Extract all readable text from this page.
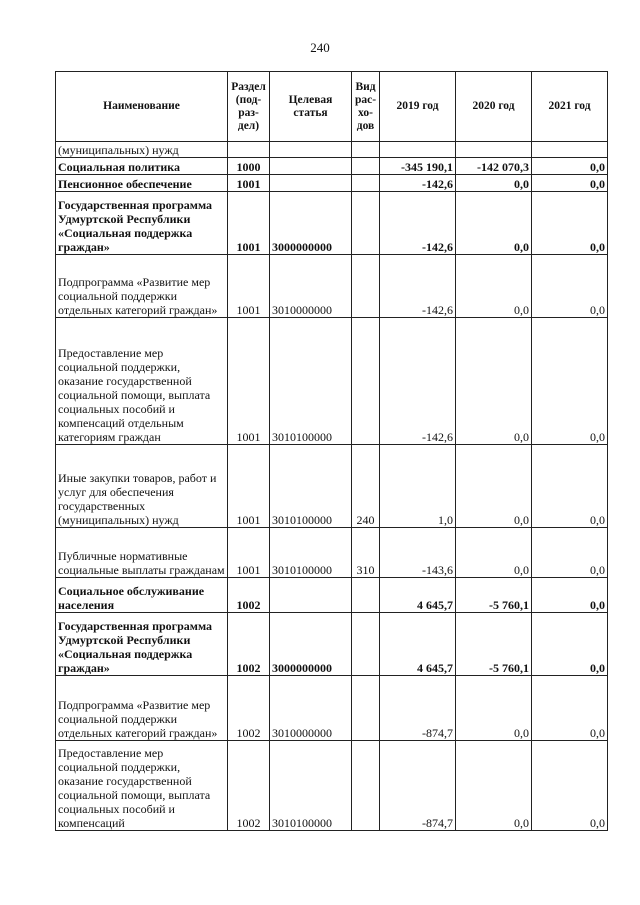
240
Наименование	Раздел (под-раз-дел)	Целевая статья	Вид рас-хо-дов	2019 год	2020 год	2021 год
(муниципальных) нужд						
Социальная политика	1000			-345 190,1	-142 070,3	0,0
Пенсионное обеспечение	1001			-142,6	0,0	0,0
Государственная программа Удмуртской Республики «Социальная поддержка граждан»	1001	3000000000		-142,6	0,0	0,0
Подпрограмма «Развитие мер социальной поддержки отдельных категорий граждан»	1001	3010000000		-142,6	0,0	0,0
Предоставление мер социальной поддержки, оказание государственной социальной помощи, выплата социальных пособий и компенсаций отдельным категориям граждан	1001	3010100000		-142,6	0,0	0,0
Иные закупки товаров, работ и услуг для обеспечения государственных (муниципальных) нужд	1001	3010100000	240	1,0	0,0	0,0
Публичные нормативные социальные выплаты гражданам	1001	3010100000	310	-143,6	0,0	0,0
Социальное обслуживание населения	1002			4 645,7	-5 760,1	0,0
Государственная программа Удмуртской Республики «Социальная поддержка граждан»	1002	3000000000		4 645,7	-5 760,1	0,0
Подпрограмма «Развитие мер социальной поддержки отдельных категорий граждан»	1002	3010000000		-874,7	0,0	0,0
Предоставление мер социальной поддержки, оказание государственной социальной помощи, выплата социальных пособий и компенсаций	1002	3010100000		-874,7	0,0	0,0
